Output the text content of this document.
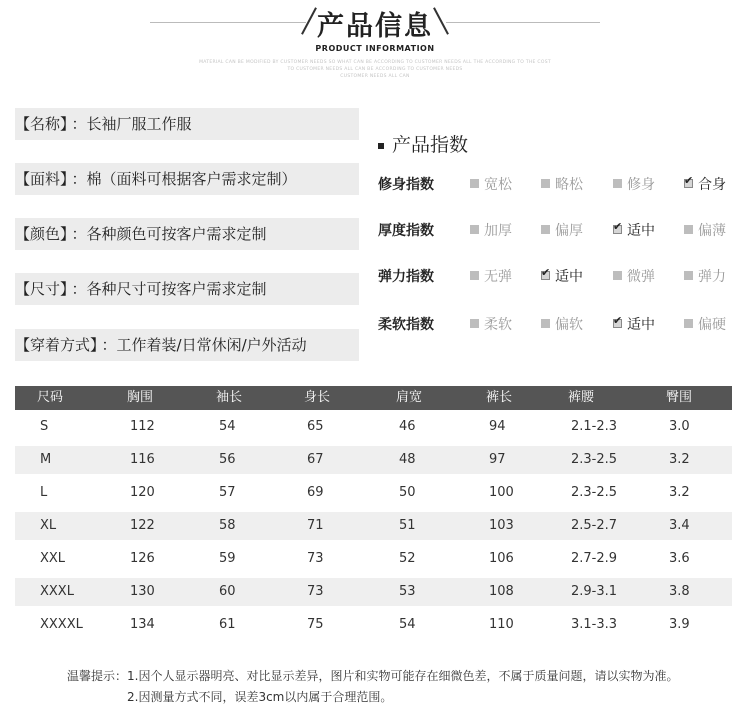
产品信息
PRODUCT INFORMATION
MATERIAL CAN BE MODIFIED BY CUSTOMER NEEDS SO WHAT CAN BE ACCORDING TO CUSTOMER NEEDS ALL THE ACCORDING TO THE COST
TO CUSTOMER NEEDS ALL CAN BE ACCORDING TO CUSTOMER NEEDS
CUSTOMER NEEDS ALL CAN
【名称】 ：长袖厂服工作服
【面料】 ：棉（面料可根据客户需求定制）
【颜色】 ：各种颜色可按客户需求定制
【尺寸】 ：各种尺寸可按客户需求定制
【穿着方式】 ：工作着装/日常休闲/户外活动
产品指数
修身指数	宽松	略松	修身	✔ 合身
厚度指数	加厚	偏厚	✔ 适中	偏薄
弹力指数	无弹	✔ 适中	微弹	弹力
柔软指数	柔软	偏软	✔ 适中	偏硬
尺码	胸围	袖长	身长	肩宽	裤长	裤腰	臀围
S	112	54	65	46	94	2.1-2.3	3.0
M	116	56	67	48	97	2.3-2.5	3.2
L	120	57	69	50	100	2.3-2.5	3.2
XL	122	58	71	51	103	2.5-2.7	3.4
XXL	126	59	73	52	106	2.7-2.9	3.6
XXXL	130	60	73	53	108	2.9-3.1	3.8
XXXXL	134	61	75	54	110	3.1-3.3	3.9
温馨提示：1.因个人显示器明亮、对比显示差异，图片和实物可能存在细微色差，不属于质量问题，请以实物为准。
2.因测量方式不同，误差3cm以内属于合理范围。
